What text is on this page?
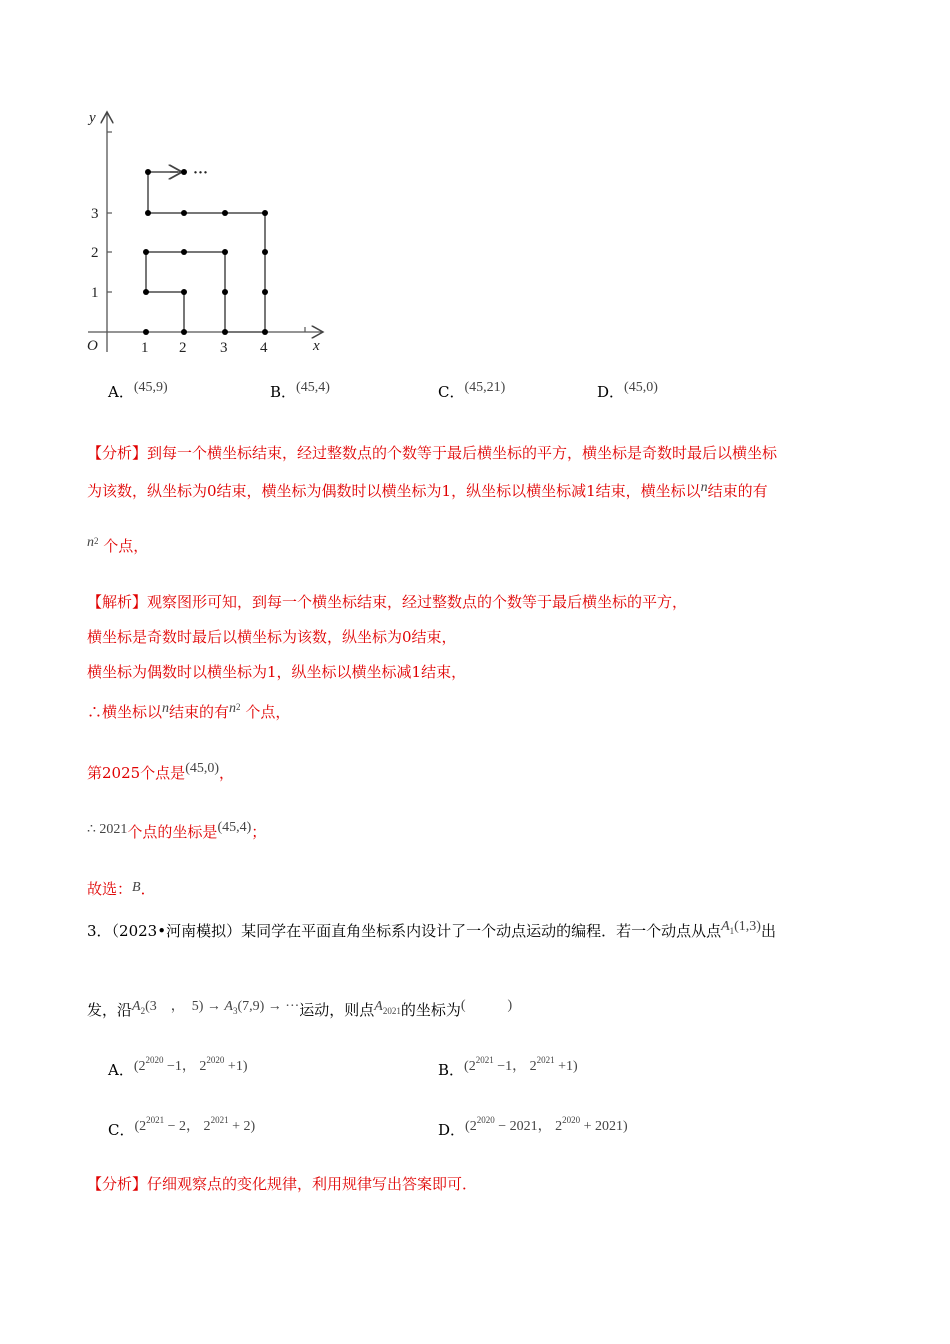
···
y
x
O	1 2 3 4
1
2
3
A．(45,9)	B．(45,4)	C．(45,21)	D．(45,0)
【分析】到每一个横坐标结束，经过整数点的个数等于最后横坐标的平方，横坐标是奇数时最后以横坐标
为该数，纵坐标为0结束，横坐标为偶数时以横坐标为1，纵坐标以横坐标减1结束，横坐标以n结束的有
$n^2$ 个点，
【解析】观察图形可知，到每一个横坐标结束，经过整数点的个数等于最后横坐标的平方，
横坐标是奇数时最后以横坐标为该数，纵坐标为0结束，
横坐标为偶数时以横坐标为1，纵坐标以横坐标减1结束，
∴横坐标以n结束的有$n^2$ 个点，
第2025个点是(45,0)，
∴ 2021个点的坐标是(45,4)；
故选：B．
3．（2023•河南模拟）某同学在平面直角坐标系内设计了一个动点运动的编程．若一个动点从点$A^1(1,3)$出
发，沿A2(3　，　5) → A3(7,9) → ···运动，则点A2021的坐标为(　　　)
A．($2^{2020} -1$， $2^{2020} +1$)	B．($2^{2021} -1$， $2^{2021} +1$)
C．($2^{2021} - 2$， $2^{2021} + 2$)	D．($2^{2020} - 2021$， $2^{2020} + 2021$)
【分析】仔细观察点的变化规律，利用规律写出答案即可．
